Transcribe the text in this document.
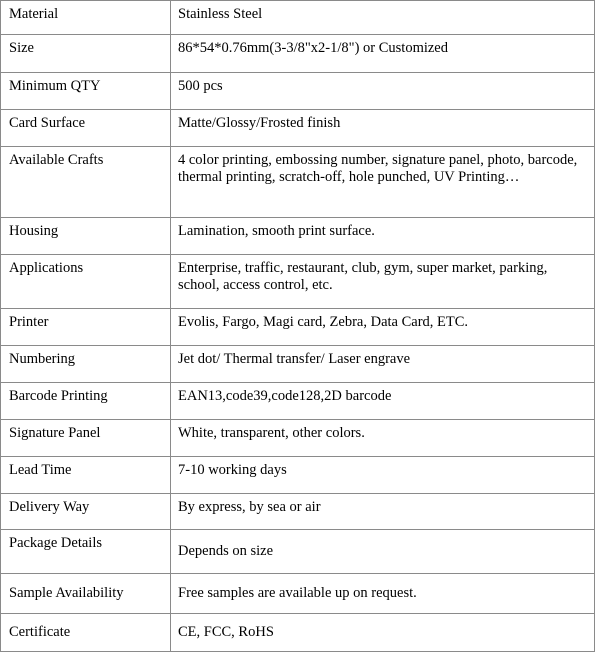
Material	Stainless Steel
Size	86*54*0.76mm(3-3/8"x2-1/8") or Customized
Minimum QTY	500 pcs
Card Surface	Matte/Glossy/Frosted finish
Available Crafts	4 color printing, embossing number, signature panel, photo, barcode, thermal printing, scratch-off, hole punched, UV Printing…
Housing	Lamination, smooth print surface.
Applications	Enterprise, traffic, restaurant, club, gym, super market, parking, school, access control, etc.
Printer	Evolis, Fargo, Magi card, Zebra, Data Card, ETC.
Numbering	Jet dot/ Thermal transfer/ Laser engrave
Barcode Printing	EAN13,code39,code128,2D barcode
Signature Panel	White, transparent, other colors.
Lead Time	7-10 working days
Delivery Way	By express, by sea or air
Package Details	Depends on size
Sample Availability	Free samples are available up on request.
Certificate	CE, FCC, RoHS
